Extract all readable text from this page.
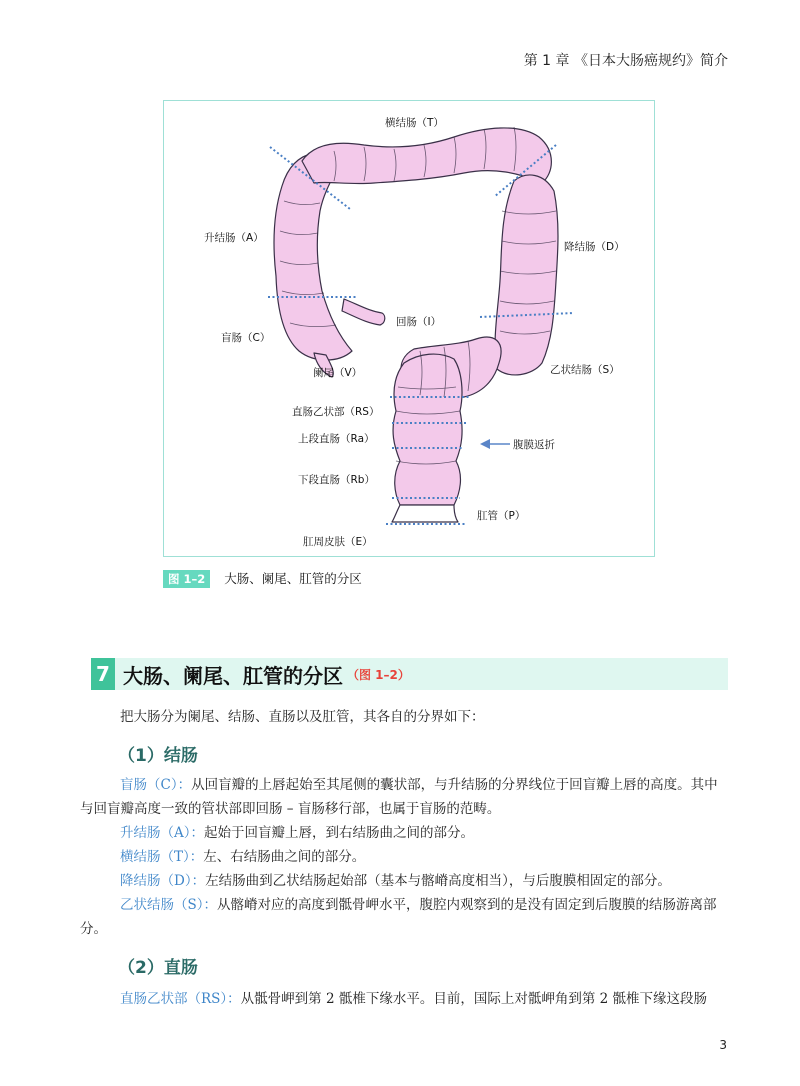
第 1 章 《日本大肠癌规约》简介
横结肠（T）
升结肠（A）
降结肠（D）
回肠（I）
盲肠（C）
阑尾（V）	乙状结肠（S）
直肠乙状部（RS）
上段直肠（Ra）	腹膜返折
下段直肠（Rb）
肛管（P）
肛周皮肤（E）
图 1–2 大肠、阑尾、肛管的分区
7 大肠、阑尾、肛管的分区 （图 1–2）
把大肠分为阑尾、结肠、直肠以及肛管，其各自的分界如下：
（1）结肠
盲肠（C）：从回盲瓣的上唇起始至其尾侧的囊状部，与升结肠的分界线位于回盲瓣上唇的高度。其中与回盲瓣高度一致的管状部即回肠 – 盲肠移行部，也属于盲肠的范畴。
升结肠（A）：起始于回盲瓣上唇，到右结肠曲之间的部分。
横结肠（T）：左、右结肠曲之间的部分。
降结肠（D）：左结肠曲到乙状结肠起始部（基本与髂嵴高度相当），与后腹膜相固定的部分。
乙状结肠（S）：从髂嵴对应的高度到骶骨岬水平，腹腔内观察到的是没有固定到后腹膜的结肠游离部分。
（2）直肠
直肠乙状部（RS）：从骶骨岬到第 2 骶椎下缘水平。目前，国际上对骶岬角到第 2 骶椎下缘这段肠
3
